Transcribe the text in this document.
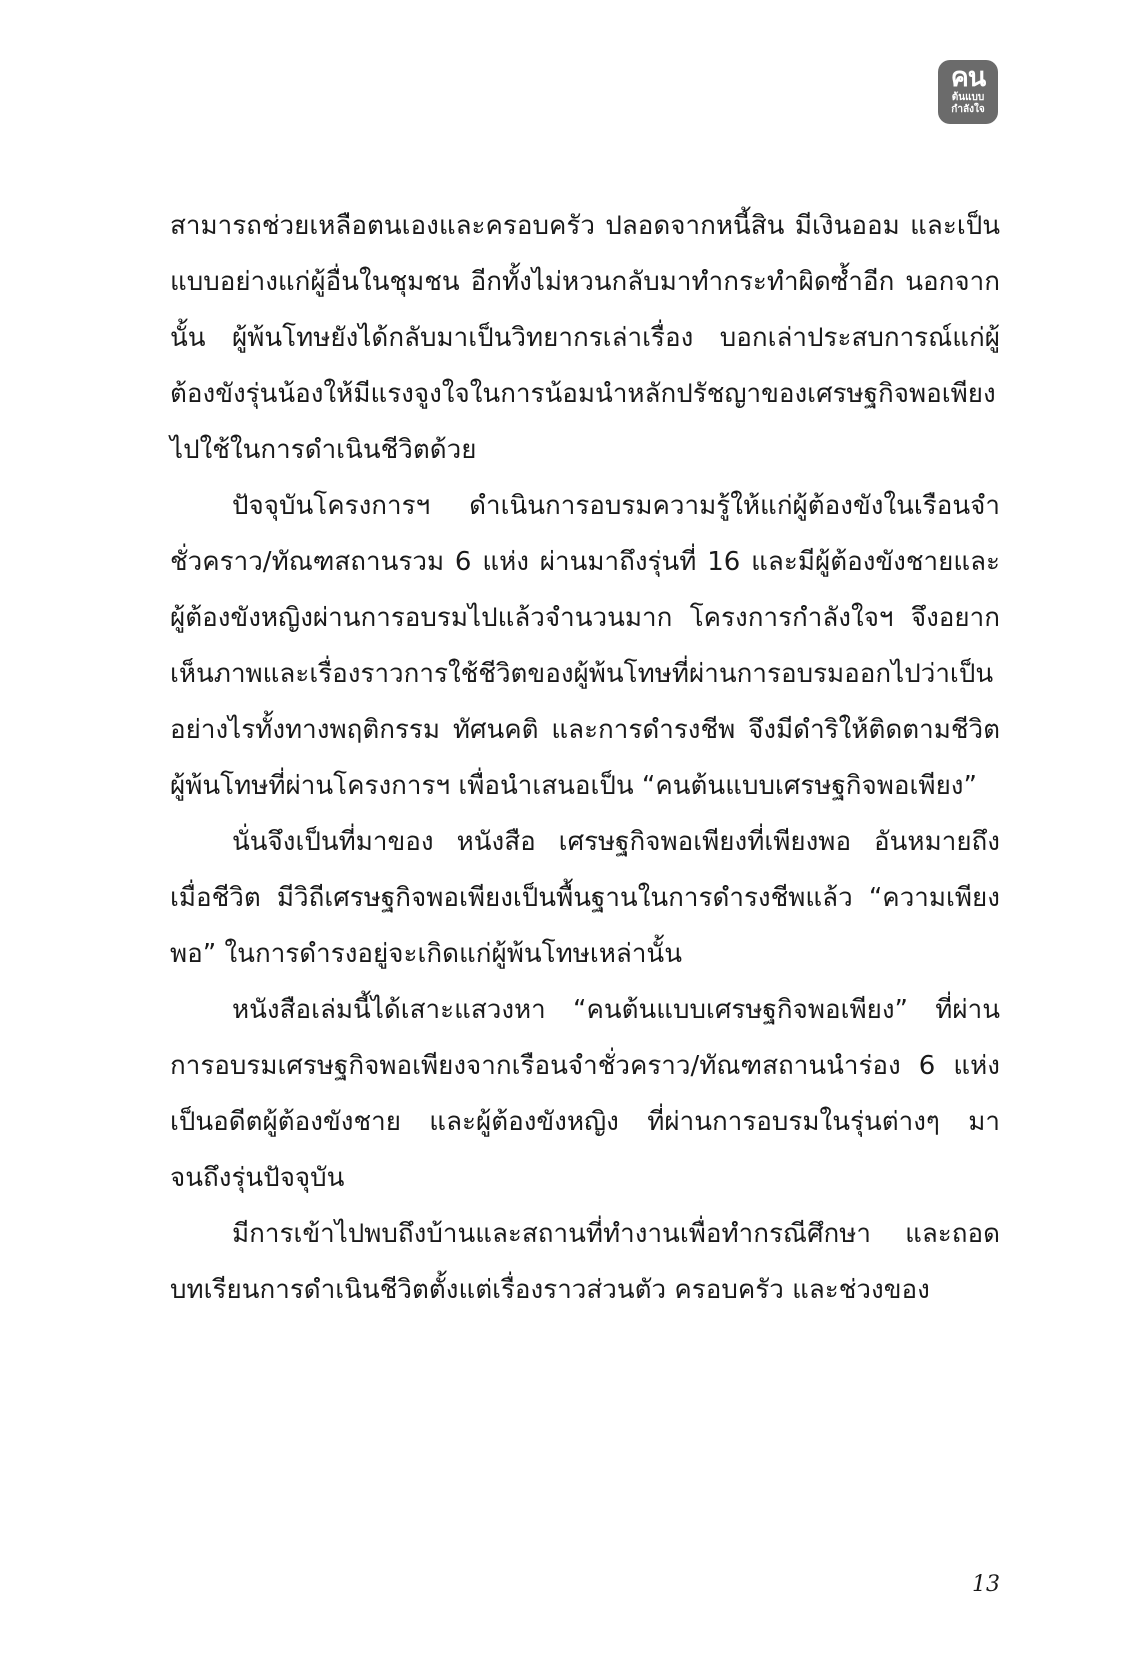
คน
ต้นแบบ
กำลังใจ

สามารถช่วยเหลือตนเองและครอบครัว ปลอดจากหนี้สิน มีเงินออม และเป็นแบบอย่างแก่ผู้อื่นในชุมชน อีกทั้งไม่หวนกลับมาทำกระทำผิดซ้ำอีก นอกจากนั้น ผู้พ้นโทษยังได้กลับมาเป็นวิทยากรเล่าเรื่อง บอกเล่าประสบการณ์แก่ผู้ต้องขังรุ่นน้องให้มีแรงจูงใจในการน้อมนำหลักปรัชญาของเศรษฐกิจพอเพียง ไปใช้ในการดำเนินชีวิตด้วย

ปัจจุบันโครงการฯ ดำเนินการอบรมความรู้ให้แก่ผู้ต้องขังในเรือนจำชั่วคราว/ทัณฑสถานรวม 6 แห่ง ผ่านมาถึงรุ่นที่ 16 และมีผู้ต้องขังชายและผู้ต้องขังหญิงผ่านการอบรมไปแล้วจำนวนมาก โครงการกำลังใจฯ จึงอยากเห็นภาพและเรื่องราวการใช้ชีวิตของผู้พ้นโทษที่ผ่านการอบรมออกไปว่าเป็นอย่างไรทั้งทางพฤติกรรม ทัศนคติ และการดำรงชีพ จึงมีดำริให้ติดตามชีวิตผู้พ้นโทษที่ผ่านโครงการฯ เพื่อนำเสนอเป็น “คนต้นแบบเศรษฐกิจพอเพียง”

นั่นจึงเป็นที่มาของ หนังสือ เศรษฐกิจพอเพียงที่เพียงพอ อันหมายถึง เมื่อชีวิต มีวิถีเศรษฐกิจพอเพียงเป็นพื้นฐานในการดำรงชีพแล้ว “ความเพียงพอ” ในการดำรงอยู่จะเกิดแก่ผู้พ้นโทษเหล่านั้น

หนังสือเล่มนี้ได้เสาะแสวงหา “คนต้นแบบเศรษฐกิจพอเพียง” ที่ผ่านการอบรมเศรษฐกิจพอเพียงจากเรือนจำชั่วคราว/ทัณฑสถานนำร่อง 6 แห่ง เป็นอดีตผู้ต้องขังชาย และผู้ต้องขังหญิง ที่ผ่านการอบรมในรุ่นต่างๆ มาจนถึงรุ่นปัจจุบัน

มีการเข้าไปพบถึงบ้านและสถานที่ทำงานเพื่อทำกรณีศึกษา และถอดบทเรียนการดำเนินชีวิตตั้งแต่เรื่องราวส่วนตัว ครอบครัว และช่วงของ

13
